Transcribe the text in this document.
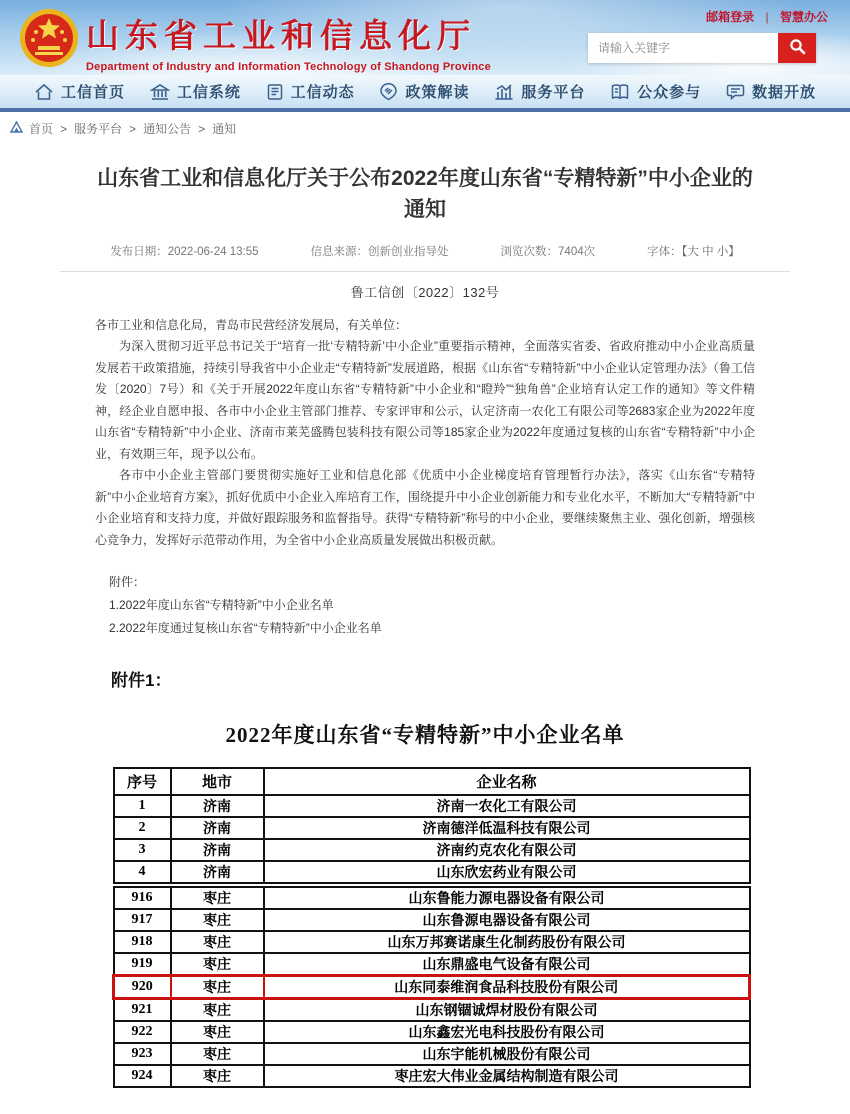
山东省工业和信息化厅
Department of Industry and Information Technology of Shandong Province
邮箱登录 | 智慧办公
请输入关键字
工信首页	工信系统	工信动态	政策解读	服务平台	公众参与	数据开放
首页 > 服务平台 > 通知公告 > 通知
山东省工业和信息化厅关于公布2022年度山东省“专精特新”中小企业的通知
发布日期：2022-06-24 13:55	信息来源：创新创业指导处	浏览次数：7404次	字体：【大 中 小】
鲁工信创〔2022〕132号

各市工业和信息化局，青岛市民营经济发展局，有关单位：

为深入贯彻习近平总书记关于“培育一批‘专精特新’中小企业”重要指示精神，全面落实省委、省政府推动中小企业高质量发展若干政策措施，持续引导我省中小企业走“专精特新”发展道路，根据《山东省“专精特新”中小企业认定管理办法》（鲁工信发〔2020〕7号）和《关于开展2022年度山东省“专精特新”中小企业和“瞪羚”“独角兽”企业培育认定工作的通知》等文件精神，经企业自愿申报、各市中小企业主管部门推荐、专家评审和公示，认定济南一农化工有限公司等2683家企业为2022年度山东省“专精特新”中小企业、济南市莱芜盛腾包装科技有限公司等185家企业为2022年度通过复核的山东省“专精特新”中小企业，有效期三年，现予以公布。

各市中小企业主管部门要贯彻实施好工业和信息化部《优质中小企业梯度培育管理暂行办法》，落实《山东省“专精特新”中小企业培育方案》，抓好优质中小企业入库培育工作，围绕提升中小企业创新能力和专业化水平，不断加大“专精特新”中小企业培育和支持力度，并做好跟踪服务和监督指导。获得“专精特新”称号的中小企业，要继续聚焦主业、强化创新，增强核心竞争力，发挥好示范带动作用，为全省中小企业高质量发展做出积极贡献。

附件：
1.2022年度山东省“专精特新”中小企业名单
2.2022年度通过复核山东省“专精特新”中小企业名单
附件1：
2022年度山东省“专精特新”中小企业名单
序号	地市	企业名称
1	济南	济南一农化工有限公司
2	济南	济南德洋低温科技有限公司
3	济南	济南约克农化有限公司
4	济南	山东欣宏药业有限公司

916	枣庄	山东鲁能力源电器设备有限公司
917	枣庄	山东鲁源电器设备有限公司
918	枣庄	山东万邦赛诺康生化制药股份有限公司
919	枣庄	山东鼎盛电气设备有限公司
920	枣庄	山东同泰维润食品科技股份有限公司
921	枣庄	山东钢锢诚焊材股份有限公司
922	枣庄	山东鑫宏光电科技股份有限公司
923	枣庄	山东宇能机械股份有限公司
924	枣庄	枣庄宏大伟业金属结构制造有限公司
